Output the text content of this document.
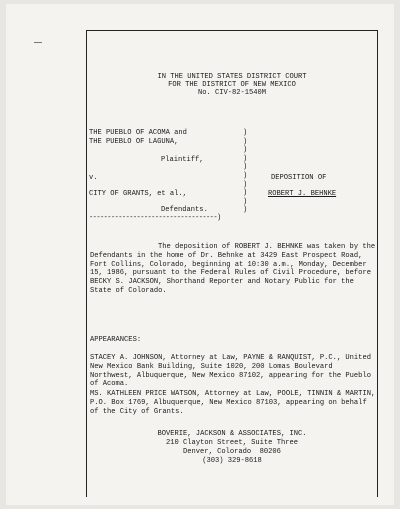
IN THE UNITED STATES DISTRICT COURT
FOR THE DISTRICT OF NEW MEXICO
No. CIV-82-1540M
THE PUEBLO OF ACOMA and
THE PUEBLO OF LAGUNA,
Plaintiff,
v.
CITY OF GRANTS, et al.,
Defendants.
-----------------------------------)
)
)
)
)
)
)
)
)
)
)
DEPOSITION OF
ROBERT J. BEHNKE
The deposition of ROBERT J. BEHNKE was taken by the Defendants in the home of Dr. Behnke at 3429 East Prospect Road, Fort Collins, Colorado, beginning at 10:30 a.m., Monday, December 15, 1986, pursuant to the Federal Rules of Civil Procedure, before BECKY S. JACKSON, Shorthand Reporter and Notary Public for the State of Colorado.
APPEARANCES:
STACEY A. JOHNSON, Attorney at Law, PAYNE & RANQUIST, P.C., United New Mexico Bank Building, Suite 1020, 200 Lomas Boulevard Northwest, Albuquerque, New Mexico 87102, appearing for the Pueblo of Acoma.
MS. KATHLEEN PRICE WATSON, Attorney at Law, POOLE, TINNIN & MARTIN, P.O. Box 1769, Albuquerque, New Mexico 87103, appearing on behalf of the City of Grants.
BOVERIE, JACKSON & ASSOCIATES, INC.
210 Clayton Street, Suite Three
Denver, Colorado  80206
(303) 329-8618
